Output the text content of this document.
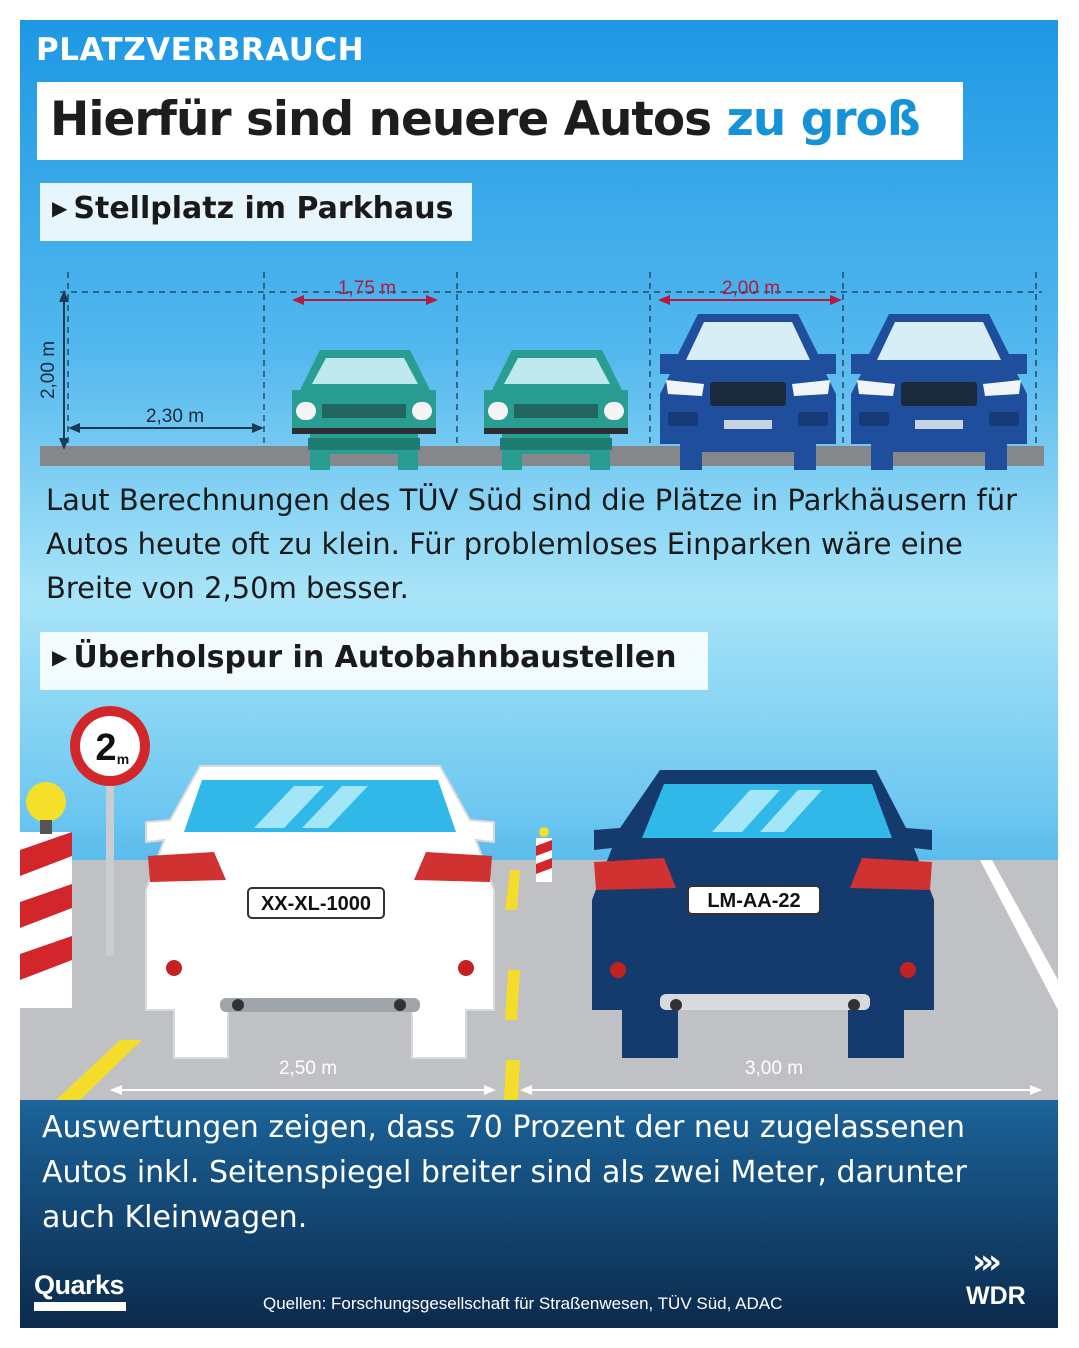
PLATZVERBRAUCH
Hierfür sind neuere Autos zu groß
▶ Stellplatz im Parkhaus
2,00 m
2,30 m
1,75 m	2,00 m
Laut Berechnungen des TÜV Süd sind die Plätze in Parkhäusern für Autos heute oft zu klein. Für problemloses Einparken wäre eine Breite von 2,50m besser.
▶ Überholspur in Autobahnbaustellen
2 m
XX-XL-1000	LM-AA-22
2,50 m	3,00 m
Auswertungen zeigen, dass 70 Prozent der neu zugelassenen Autos inkl. Seitenspiegel breiter sind als zwei Meter, darunter auch Kleinwagen.
Quarks
Quellen: Forschungsgesellschaft für Straßenwesen, TÜV Süd, ADAC
›››
WDR
